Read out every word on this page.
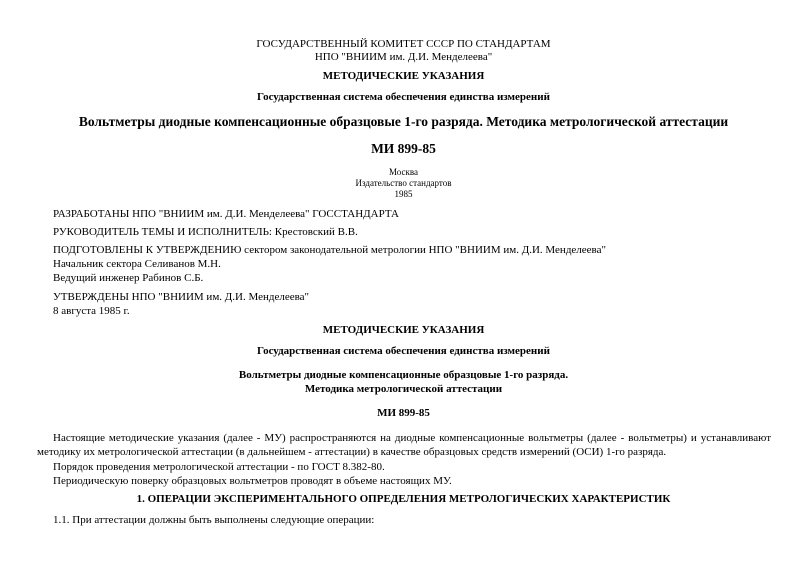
ГОСУДАРСТВЕННЫЙ КОМИТЕТ СССР ПО СТАНДАРТАМ
НПО "ВНИИМ им. Д.И. Менделеева"
МЕТОДИЧЕСКИЕ УКАЗАНИЯ
Государственная система обеспечения единства измерений
Вольтметры диодные компенсационные образцовые 1-го разряда. Методика метрологической аттестации
МИ 899-85
Москва
Издательство стандартов
1985
РАЗРАБОТАНЫ НПО "ВНИИМ им. Д.И. Менделеева" ГОССТАНДАРТА
РУКОВОДИТЕЛЬ ТЕМЫ И ИСПОЛНИТЕЛЬ: Крестовский В.В.
ПОДГОТОВЛЕНЫ К УТВЕРЖДЕНИЮ сектором законодательной метрологии НПО "ВНИИМ им. Д.И. Менделеева"
Начальник сектора Селиванов М.Н.
Ведущий инженер Рабинов С.Б.
УТВЕРЖДЕНЫ НПО "ВНИИМ им. Д.И. Менделеева"
8 августа 1985 г.
МЕТОДИЧЕСКИЕ УКАЗАНИЯ
Государственная система обеспечения единства измерений
Вольтметры диодные компенсационные образцовые 1-го разряда.
Методика метрологической аттестации
МИ 899-85
Настоящие методические указания (далее - МУ) распространяются на диодные компенсационные вольтметры (далее - вольтметры) и устанавливают методику их метрологической аттестации (в дальнейшем - аттестации) в качестве образцовых средств измерений (ОСИ) 1-го разряда.
Порядок проведения метрологической аттестации - по ГОСТ 8.382-80.
Периодическую поверку образцовых вольтметров проводят в объеме настоящих МУ.
1. ОПЕРАЦИИ ЭКСПЕРИМЕНТАЛЬНОГО ОПРЕДЕЛЕНИЯ МЕТРОЛОГИЧЕСКИХ ХАРАКТЕРИСТИК
1.1. При аттестации должны быть выполнены следующие операции:
